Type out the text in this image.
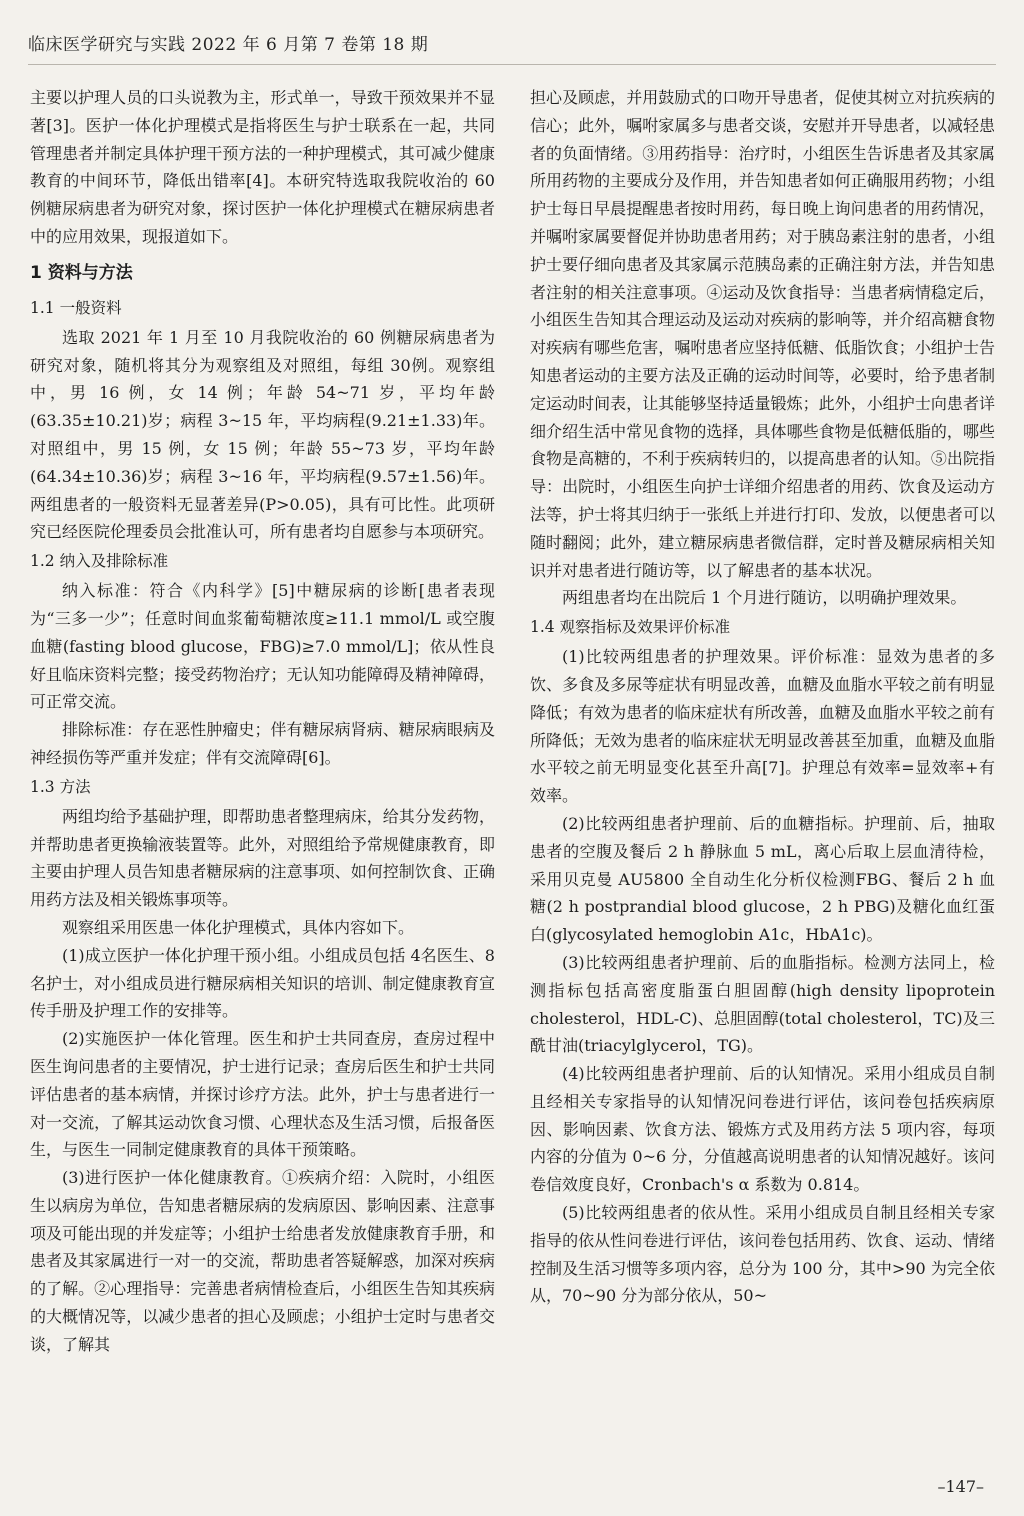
临床医学研究与实践 2022 年 6 月第 7 卷第 18 期

主要以护理人员的口头说教为主，形式单一，导致干预效果并不显著[3]。医护一体化护理模式是指将医生与护士联系在一起，共同管理患者并制定具体护理干预方法的一种护理模式，其可减少健康教育的中间环节，降低出错率[4]。本研究特选取我院收治的 60 例糖尿病患者为研究对象，探讨医护一体化护理模式在糖尿病患者中的应用效果，现报道如下。

1 资料与方法
1.1 一般资料

选取 2021 年 1 月至 10 月我院收治的 60 例糖尿病患者为研究对象，随机将其分为观察组及对照组，每组 30例。观察组中，男 16 例，女 14 例；年龄 54~71 岁，平均年龄(63.35±10.21)岁；病程 3~15 年，平均病程(9.21±1.33)年。对照组中，男 15 例，女 15 例；年龄 55~73 岁，平均年龄(64.34±10.36)岁；病程 3~16 年，平均病程(9.57±1.56)年。两组患者的一般资料无显著差异(P>0.05)，具有可比性。此项研究已经医院伦理委员会批准认可，所有患者均自愿参与本项研究。

1.2 纳入及排除标准

纳入标准：符合《内科学》[5]中糖尿病的诊断[患者表现为“三多一少”；任意时间血浆葡萄糖浓度≥11.1 mmol/L 或空腹血糖(fasting blood glucose，FBG)≥7.0 mmol/L]；依从性良好且临床资料完整；接受药物治疗；无认知功能障碍及精神障碍，可正常交流。

排除标准：存在恶性肿瘤史；伴有糖尿病肾病、糖尿病眼病及神经损伤等严重并发症；伴有交流障碍[6]。

1.3 方法

两组均给予基础护理，即帮助患者整理病床，给其分发药物，并帮助患者更换输液装置等。此外，对照组给予常规健康教育，即主要由护理人员告知患者糖尿病的注意事项、如何控制饮食、正确用药方法及相关锻炼事项等。

观察组采用医患一体化护理模式，具体内容如下。

(1)成立医护一体化护理干预小组。小组成员包括 4名医生、8 名护士，对小组成员进行糖尿病相关知识的培训、制定健康教育宣传手册及护理工作的安排等。

(2)实施医护一体化管理。医生和护士共同查房，查房过程中医生询问患者的主要情况，护士进行记录；查房后医生和护士共同评估患者的基本病情，并探讨诊疗方法。此外，护士与患者进行一对一交流，了解其运动饮食习惯、心理状态及生活习惯，后报备医生，与医生一同制定健康教育的具体干预策略。

(3)进行医护一体化健康教育。①疾病介绍：入院时，小组医生以病房为单位，告知患者糖尿病的发病原因、影响因素、注意事项及可能出现的并发症等；小组护士给患者发放健康教育手册，和患者及其家属进行一对一的交流，帮助患者答疑解惑，加深对疾病的了解。②心理指导：完善患者病情检查后，小组医生告知其疾病的大概情况等，以减少患者的担心及顾虑；小组护士定时与患者交谈，了解其

担心及顾虑，并用鼓励式的口吻开导患者，促使其树立对抗疾病的信心；此外，嘱咐家属多与患者交谈，安慰并开导患者，以减轻患者的负面情绪。③用药指导：治疗时，小组医生告诉患者及其家属所用药物的主要成分及作用，并告知患者如何正确服用药物；小组护士每日早晨提醒患者按时用药，每日晚上询问患者的用药情况，并嘱咐家属要督促并协助患者用药；对于胰岛素注射的患者，小组护士要仔细向患者及其家属示范胰岛素的正确注射方法，并告知患者注射的相关注意事项。④运动及饮食指导：当患者病情稳定后，小组医生告知其合理运动及运动对疾病的影响等，并介绍高糖食物对疾病有哪些危害，嘱咐患者应坚持低糖、低脂饮食；小组护士告知患者运动的主要方法及正确的运动时间等，必要时，给予患者制定运动时间表，让其能够坚持适量锻炼；此外，小组护士向患者详细介绍生活中常见食物的选择，具体哪些食物是低糖低脂的，哪些食物是高糖的，不利于疾病转归的，以提高患者的认知。⑤出院指导：出院时，小组医生向护士详细介绍患者的用药、饮食及运动方法等，护士将其归纳于一张纸上并进行打印、发放，以便患者可以随时翻阅；此外，建立糖尿病患者微信群，定时普及糖尿病相关知识并对患者进行随访等，以了解患者的基本状况。

两组患者均在出院后 1 个月进行随访，以明确护理效果。

1.4 观察指标及效果评价标准

(1)比较两组患者的护理效果。评价标准：显效为患者的多饮、多食及多尿等症状有明显改善，血糖及血脂水平较之前有明显降低；有效为患者的临床症状有所改善，血糖及血脂水平较之前有所降低；无效为患者的临床症状无明显改善甚至加重，血糖及血脂水平较之前无明显变化甚至升高[7]。护理总有效率=显效率+有效率。

(2)比较两组患者护理前、后的血糖指标。护理前、后，抽取患者的空腹及餐后 2 h 静脉血 5 mL，离心后取上层血清待检，采用贝克曼 AU5800 全自动生化分析仪检测FBG、餐后 2 h 血糖(2 h postprandial blood glucose，2 h PBG)及糖化血红蛋白(glycosylated hemoglobin A1c，HbA1c)。

(3)比较两组患者护理前、后的血脂指标。检测方法同上，检测指标包括高密度脂蛋白胆固醇(high density lipoprotein cholesterol，HDL-C)、总胆固醇(total cholesterol，TC)及三酰甘油(triacylglycerol，TG)。

(4)比较两组患者护理前、后的认知情况。采用小组成员自制且经相关专家指导的认知情况问卷进行评估，该问卷包括疾病原因、影响因素、饮食方法、锻炼方式及用药方法 5 项内容，每项内容的分值为 0~6 分，分值越高说明患者的认知情况越好。该问卷信效度良好，Cronbach's α 系数为 0.814。

(5)比较两组患者的依从性。采用小组成员自制且经相关专家指导的依从性问卷进行评估，该问卷包括用药、饮食、运动、情绪控制及生活习惯等多项内容，总分为 100 分，其中>90 为完全依从，70~90 分为部分依从，50~

–147–
